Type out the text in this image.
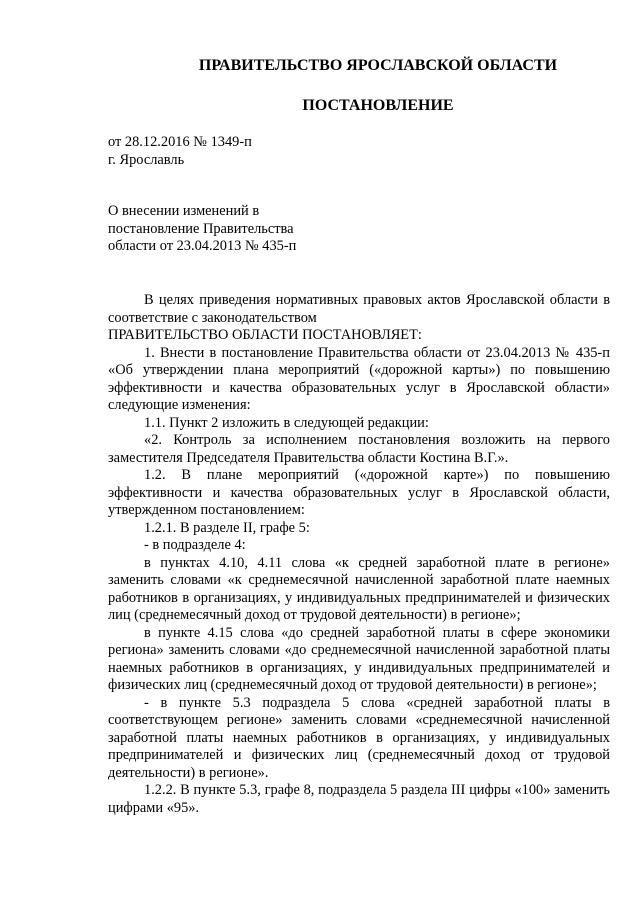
ПРАВИТЕЛЬСТВО ЯРОСЛАВСКОЙ ОБЛАСТИ
ПОСТАНОВЛЕНИЕ
от 28.12.2016 № 1349-п
г. Ярославль
О внесении изменений в
постановление Правительства
области от 23.04.2013 № 435-п

В целях приведения нормативных правовых актов Ярославской области в соответствие с законодательством

ПРАВИТЕЛЬСТВО ОБЛАСТИ ПОСТАНОВЛЯЕТ:

1. Внести в постановление Правительства области от 23.04.2013 № 435-п «Об утверждении плана мероприятий («дорожной карты») по повышению эффективности и качества образовательных услуг в Ярославской области» следующие изменения:

1.1. Пункт 2 изложить в следующей редакции:

«2. Контроль за исполнением постановления возложить на первого заместителя Председателя Правительства области Костина В.Г.».

1.2. В плане мероприятий («дорожной карте») по повышению эффективности и качества образовательных услуг в Ярославской области, утвержденном постановлением:

1.2.1. В разделе II, графе 5:

- в подразделе 4:

в пунктах 4.10, 4.11 слова «к средней заработной плате в регионе» заменить словами «к среднемесячной начисленной заработной плате наемных работников в организациях, у индивидуальных предпринимателей и физических лиц (среднемесячный доход от трудовой деятельности) в регионе»;

в пункте 4.15 слова «до средней заработной платы в сфере экономики региона» заменить словами «до среднемесячной начисленной заработной платы наемных работников в организациях, у индивидуальных предпринимателей и физических лиц (среднемесячный доход от трудовой деятельности) в регионе»;

- в пункте 5.3 подраздела 5 слова «средней заработной платы в соответствующем регионе» заменить словами «среднемесячной начисленной заработной платы наемных работников в организациях, у индивидуальных предпринимателей и физических лиц (среднемесячный доход от трудовой деятельности) в регионе».

1.2.2. В пункте 5.3, графе 8, подраздела 5 раздела III цифры «100» заменить цифрами «95».
